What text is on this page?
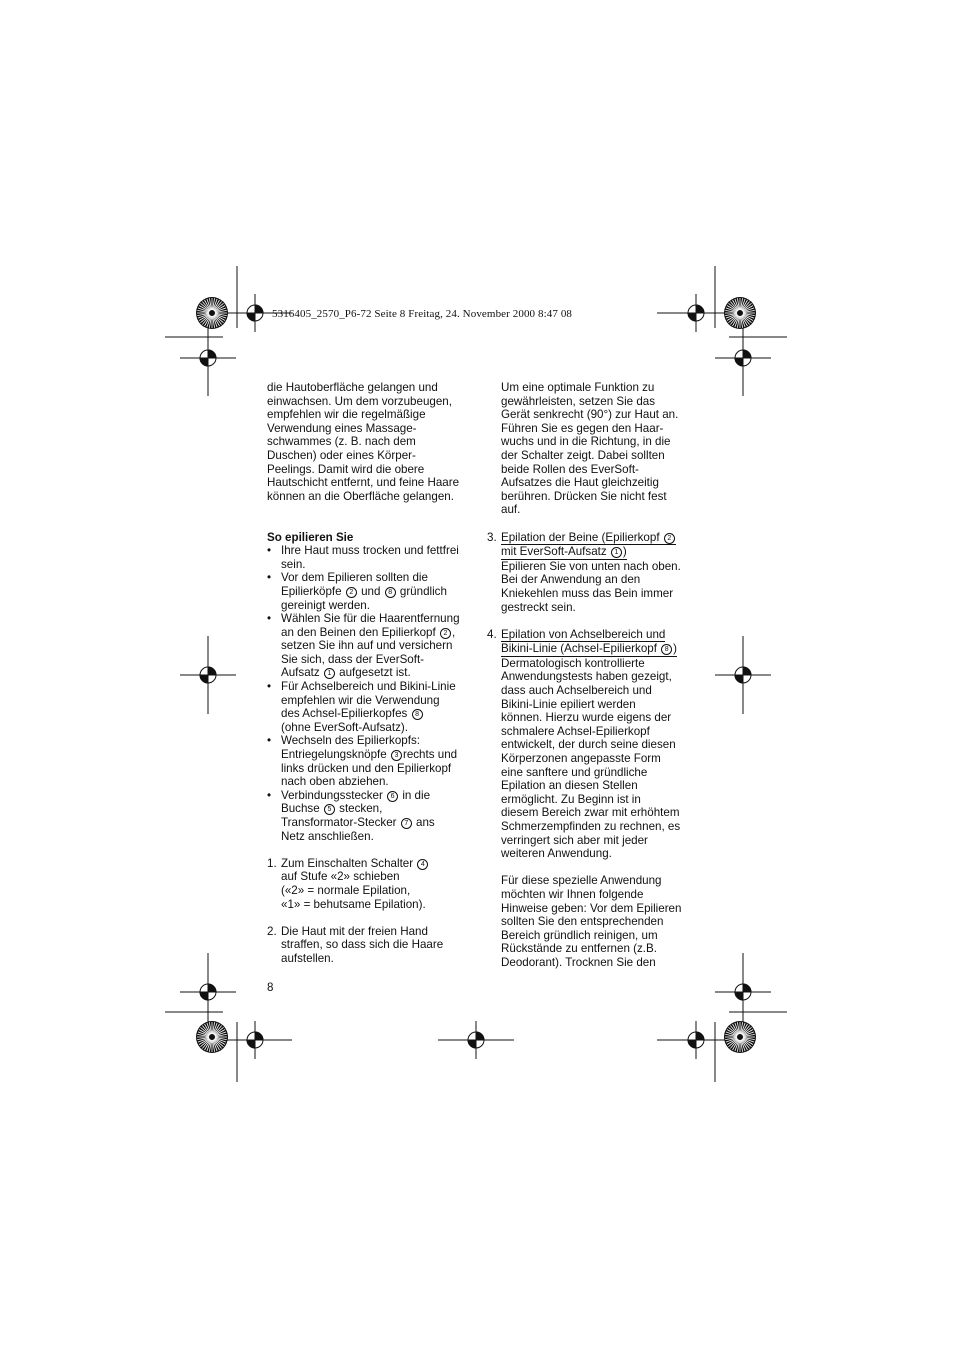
5316405_2570_P6-72 Seite 8 Freitag, 24. November 2000 8:47 08

die Hautoberfläche gelangen und

einwachsen. Um dem vorzubeugen,

empfehlen wir die regelmäßige

Verwendung eines Massage-

schwammes (z. B. nach dem

Duschen) oder eines Körper-

Peelings. Damit wird die obere

Hautschicht entfernt, und feine Haare

können an die Oberfläche gelangen.

So epilieren Sie

• Ihre Haut muss trocken und fettfrei

sein.

• Vor dem Epilieren sollten die

Epilierköpfe 2 und 8 gründlich

gereinigt werden.

• Wählen Sie für die Haarentfernung

an den Beinen den Epilierkopf 2 ,

setzen Sie ihn auf und versichern

Sie sich, dass der EverSoft-

Aufsatz 1 aufgesetzt ist.

• Für Achselbereich und Bikini-Linie

empfehlen wir die Verwendung

des Achsel-Epilierkopfes 8

(ohne EverSoft-Aufsatz).

• Wechseln des Epilierkopfs:

Entriegelungsknöpfe 3 rechts und

links drücken und den Epilierkopf

nach oben abziehen.

• Verbindungsstecker 6 in die

Buchse 5 stecken,

Transformator-Stecker 7 ans

Netz anschließen.

1. Zum Einschalten Schalter 4

auf Stufe «2» schieben

(«2» = normale Epilation,

«1» = behutsame Epilation).

2. Die Haut mit der freien Hand

straffen, so dass sich die Haare

aufstellen.

Um eine optimale Funktion zu

gewährleisten, setzen Sie das

Gerät senkrecht (90°) zur Haut an.

Führen Sie es gegen den Haar-

wuchs und in die Richtung, in die

der Schalter zeigt. Dabei sollten

beide Rollen des EverSoft-

Aufsatzes die Haut gleichzeitig

berühren. Drücken Sie nicht fest

auf.

3. Epilation der Beine (Epilierkopf 2

mit EverSoft-Aufsatz 1 )

Epilieren Sie von unten nach oben.

Bei der Anwendung an den

Kniekehlen muss das Bein immer

gestreckt sein.

4. Epilation von Achselbereich und

Bikini-Linie (Achsel-Epilierkopf 8 )

Dermatologisch kontrollierte

Anwendungstests haben gezeigt,

dass auch Achselbereich und

Bikini-Linie epiliert werden

können. Hierzu wurde eigens der

schmalere Achsel-Epilierkopf

entwickelt, der durch seine diesen

Körperzonen angepasste Form

eine sanftere und gründliche

Epilation an diesen Stellen

ermöglicht. Zu Beginn ist in

diesem Bereich zwar mit erhöhtem

Schmerzempfinden zu rechnen, es

verringert sich aber mit jeder

weiteren Anwendung.

Für diese spezielle Anwendung

möchten wir Ihnen folgende

Hinweise geben: Vor dem Epilieren

sollten Sie den entsprechenden

Bereich gründlich reinigen, um

Rückstände zu entfernen (z.B.

Deodorant). Trocknen Sie den

8
